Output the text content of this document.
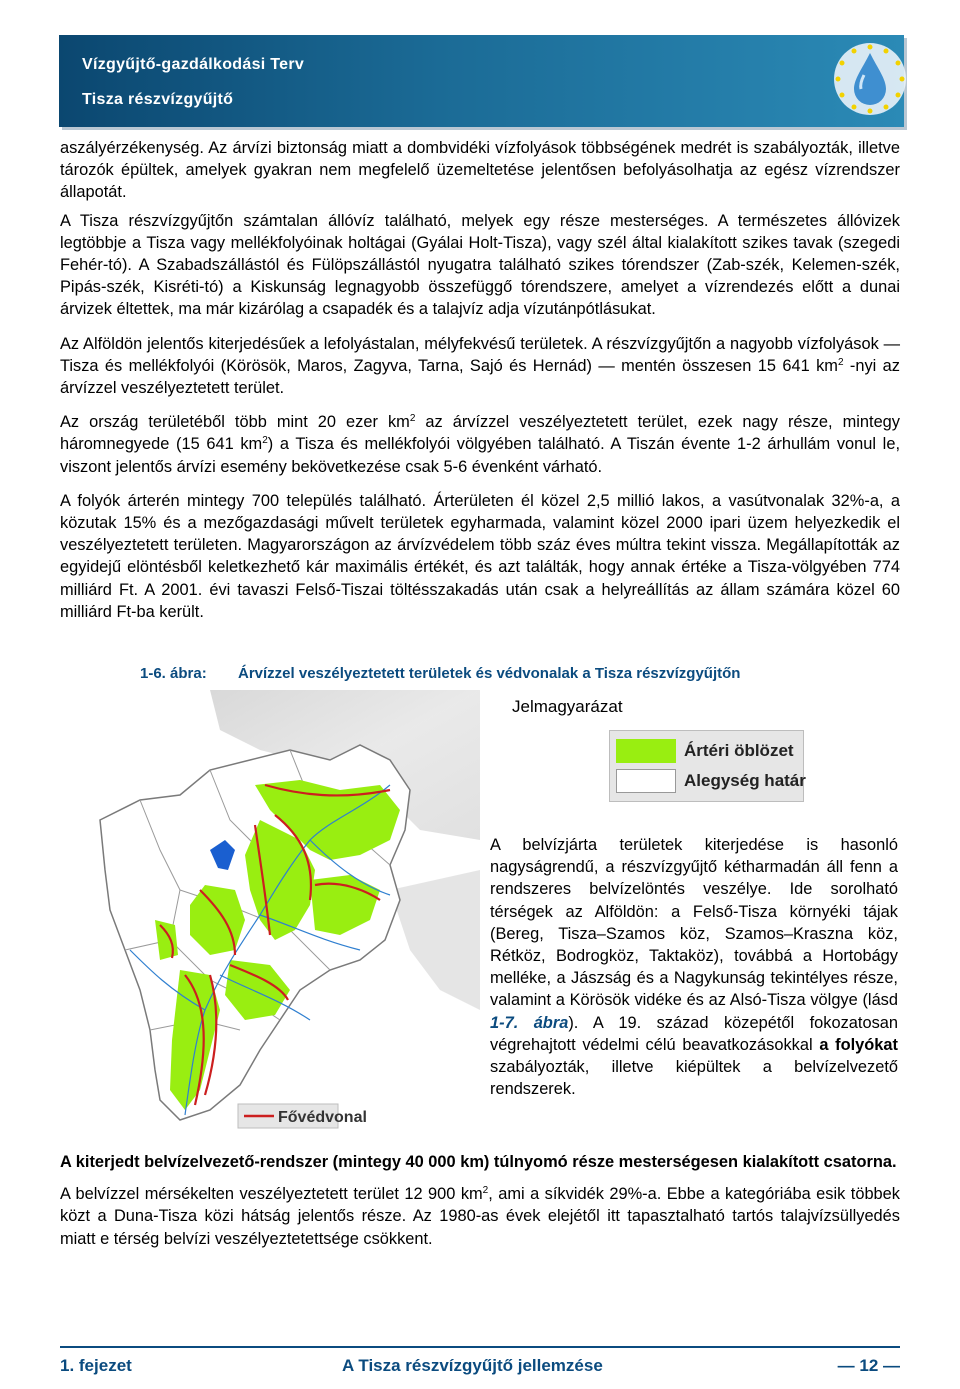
Vízgyűjtő-gazdálkodási Terv
Tisza részvízgyűjtő

aszályérzékenység. Az árvízi biztonság miatt a dombvidéki vízfolyások többségének medrét is szabályozták, illetve tározók épültek, amelyek gyakran nem megfelelő üzemeltetése jelentősen befolyásolhatja az egész vízrendszer állapotát.

A Tisza részvízgyűjtőn számtalan állóvíz található, melyek egy része mesterséges. A természetes állóvizek legtöbbje a Tisza vagy mellékfolyóinak holtágai (Gyálai Holt-Tisza), vagy szél által kialakított szikes tavak (szegedi Fehér-tó). A Szabadszállástól és Fülöpszállástól nyugatra található szikes tórendszer (Zab-szék, Kelemen-szék, Pipás-szék, Kisréti-tó) a Kiskunság legnagyobb összefüggő tórendszere, amelyet a vízrendezés előtt a dunai árvizek éltettek, ma már kizárólag a csapadék és a talajvíz adja vízutánpótlásukat.

Az Alföldön jelentős kiterjedésűek a lefolyástalan, mélyfekvésű területek. A részvízgyűjtőn a nagyobb vízfolyások — Tisza és mellékfolyói (Körösök, Maros, Zagyva, Tarna, Sajó és Hernád) — mentén összesen 15 641 $km^2$ -nyi az árvízzel veszélyeztetett terület.

Az ország területéből több mint 20 ezer $km^2$ az árvízzel veszélyeztetett terület, ezek nagy része, mintegy háromnegyede (15 641 $km^2$) a Tisza és mellékfolyói völgyében található. A Tiszán évente 1-2 árhullám vonul le, viszont jelentős árvízi esemény bekövetkezése csak 5-6 évenként várható.

A folyók árterén mintegy 700 település található. Árterületen él közel 2,5 millió lakos, a vasútvonalak 32%-a, a közutak 15% és a mezőgazdasági művelt területek egyharmada, valamint közel 2000 ipari üzem helyezkedik el veszélyeztetett területen. Magyarországon az árvízvédelem több száz éves múltra tekint vissza. Megállapították az egyidejű elöntésből keletkezhető kár maximális értékét, és azt találták, hogy annak értéke a Tisza-völgyében 774 milliárd Ft. A 2001. évi tavaszi Felső-Tiszai töltésszakadás után csak a helyreállítás az állam számára közel 60 milliárd Ft-ba került.

1-6. ábra: Árvízzel veszélyeztetett területek és védvonalak a Tisza részvízgyűjtőn
Jelmagyarázat
Ártéri öblözet
Alegység határ
Fővédvonal
A belvízjárta területek kiterjedése is hasonló nagyságrendű, a részvízgyűjtő kétharmadán áll fenn a rendszeres belvízelöntés veszélye. Ide sorolható térségek az Alföldön: a Felső-Tisza környéki tájak (Bereg, Tisza–Szamos köz, Szamos–Kraszna köz, Rétköz, Bodrogköz, Taktaköz), továbbá a Hortobágy melléke, a Jászság és a Nagykunság tekintélyes része, valamint a Körösök vidéke és az Alsó-Tisza völgye (lásd 1-7. ábra). A 19. század közepétől fokozatosan végrehajtott védelmi célú beavatkozásokkal a folyókat szabályozták, illetve kiépültek a belvízelvezető rendszerek.

A kiterjedt belvízelvezető-rendszer (mintegy 40 000 km) túlnyomó része mesterségesen kialakított csatorna.

A belvízzel mérsékelten veszélyeztetett terület 12 900 $km^2$, ami a síkvidék 29%-a. Ebbe a kategóriába esik többek közt a Duna-Tisza közi hátság jelentős része. Az 1980-as évek elejétől itt tapasztalható tartós talajvízsüllyedés miatt e térség belvízi veszélyeztetettsége csökkent.

1. fejezet	A Tisza részvízgyűjtő jellemzése	— 12 —
